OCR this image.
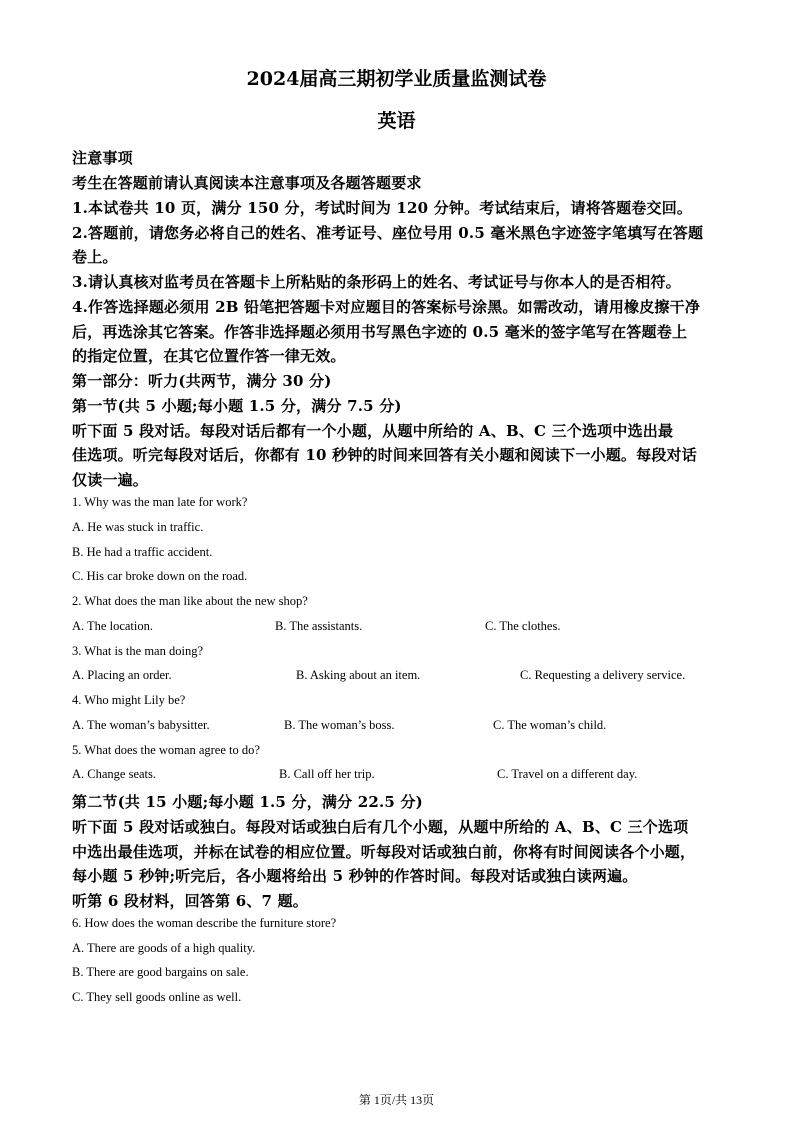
2024届高三期初学业质量监测试卷
英语
注意事项
考生在答题前请认真阅读本注意事项及各题答题要求
1.本试卷共 10 页，满分 150 分，考试时间为 120 分钟。考试结束后，请将答题卷交回。
2.答题前，请您务必将自己的姓名、准考证号、座位号用 0.5 毫米黑色字迹签字笔填写在答题
卷上。
3.请认真核对监考员在答题卡上所粘贴的条形码上的姓名、考试证号与你本人的是否相符。
4.作答选择题必须用 2B 铅笔把答题卡对应题目的答案标号涂黑。如需改动，请用橡皮擦干净
后，再选涂其它答案。作答非选择题必须用书写黑色字迹的 0.5 毫米的签字笔写在答题卷上
的指定位置，在其它位置作答一律无效。
第一部分：听力(共两节，满分 30 分)
第一节(共 5 小题;每小题 1.5 分，满分 7.5 分)
听下面 5 段对话。每段对话后都有一个小题，从题中所给的 A、B、C 三个选项中选出最
佳选项。听完每段对话后，你都有 10 秒钟的时间来回答有关小题和阅读下一小题。每段对话
仅读一遍。
1. Why was the man late for work?
A. He was stuck in traffic.
B. He had a traffic accident.
C. His car broke down on the road.
2. What does the man like about the new shop?
A. The location.	B. The assistants.	C. The clothes.
3. What is the man doing?
A. Placing an order.	B. Asking about an item.	C. Requesting a delivery service.
4. Who might Lily be?
A. The woman’s babysitter.	B. The woman’s boss.	C. The woman’s child.
5. What does the woman agree to do?
A. Change seats.	B. Call off her trip.	C. Travel on a different day.
第二节(共 15 小题;每小题 1.5 分，满分 22.5 分)
听下面 5 段对话或独白。每段对话或独白后有几个小题，从题中所给的 A、B、C 三个选项
中选出最佳选项，并标在试卷的相应位置。听每段对话或独白前，你将有时间阅读各个小题，
每小题 5 秒钟;听完后，各小题将给出 5 秒钟的作答时间。每段对话或独白读两遍。
听第 6 段材料，回答第 6、7 题。
6. How does the woman describe the furniture store?
A. There are goods of a high quality.
B. There are good bargains on sale.
C. They sell goods online as well.
第 1页/共 13页
